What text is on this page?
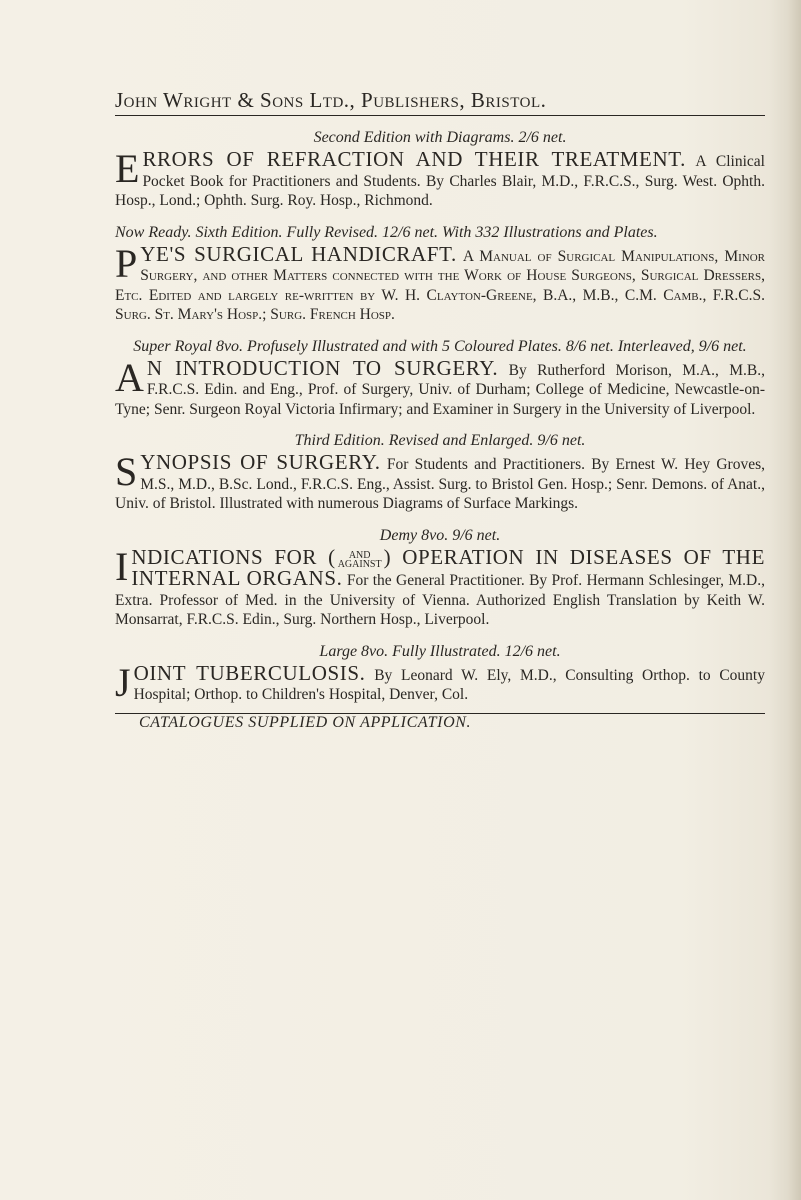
John Wright & Sons Ltd., Publishers, Bristol.

Second Edition with Diagrams. 2/6 net.

ERRORS OF REFRACTION AND THEIR TREATMENT. A Clinical Pocket Book for Practitioners and Students. By Charles Blair, M.D., F.R.C.S., Surg. West. Ophth. Hosp., Lond.; Ophth. Surg. Roy. Hosp., Richmond.

Now Ready. Sixth Edition. Fully Revised. 12/6 net. With 332 Illustrations and Plates.

PYE'S SURGICAL HANDICRAFT. A Manual of Surgical Manipulations, Minor Surgery, and other Matters connected with the Work of House Surgeons, Surgical Dressers, Etc. Edited and largely re-written by W. H. Clayton-Greene, B.A., M.B., C.M. Camb., F.R.C.S. Surg. St. Mary's Hosp.; Surg. French Hosp.

Super Royal 8vo. Profusely Illustrated and with 5 Coloured Plates. 8/6 net. Interleaved, 9/6 net.

A N INTRODUCTION TO SURGERY. By Rutherford Morison, M.A., M.B., F.R.C.S. Edin. and Eng., Prof. of Surgery, Univ. of Durham; College of Medicine, Newcastle-on-Tyne; Senr. Surgeon Royal Victoria Infirmary; and Examiner in Surgery in the University of Liverpool.

Third Edition. Revised and Enlarged. 9/6 net.

SYNOPSIS OF SURGERY. For Students and Practitioners. By Ernest W. Hey Groves, M.S., M.D., B.Sc. Lond., F.R.C.S. Eng., Assist. Surg. to Bristol Gen. Hosp.; Senr. Demons. of Anat., Univ. of Bristol. Illustrated with numerous Diagrams of Surface Markings.

Demy 8vo. 9/6 net.

INDICATIONS FOR ( AND
AGAINST) OPERATION IN DISEASES OF THE INTERNAL ORGANS. For the General Practitioner. By Prof. Hermann Schlesinger, M.D., Extra. Professor of Med. in the University of Vienna. Authorized English Translation by Keith W. Monsarrat, F.R.C.S. Edin., Surg. Northern Hosp., Liverpool.

Large 8vo. Fully Illustrated. 12/6 net.

JOINT TUBERCULOSIS. By Leonard W. Ely, M.D., Consulting Orthop. to County Hospital; Orthop. to Children's Hospital, Denver, Col.

CATALOGUES SUPPLIED ON APPLICATION.
